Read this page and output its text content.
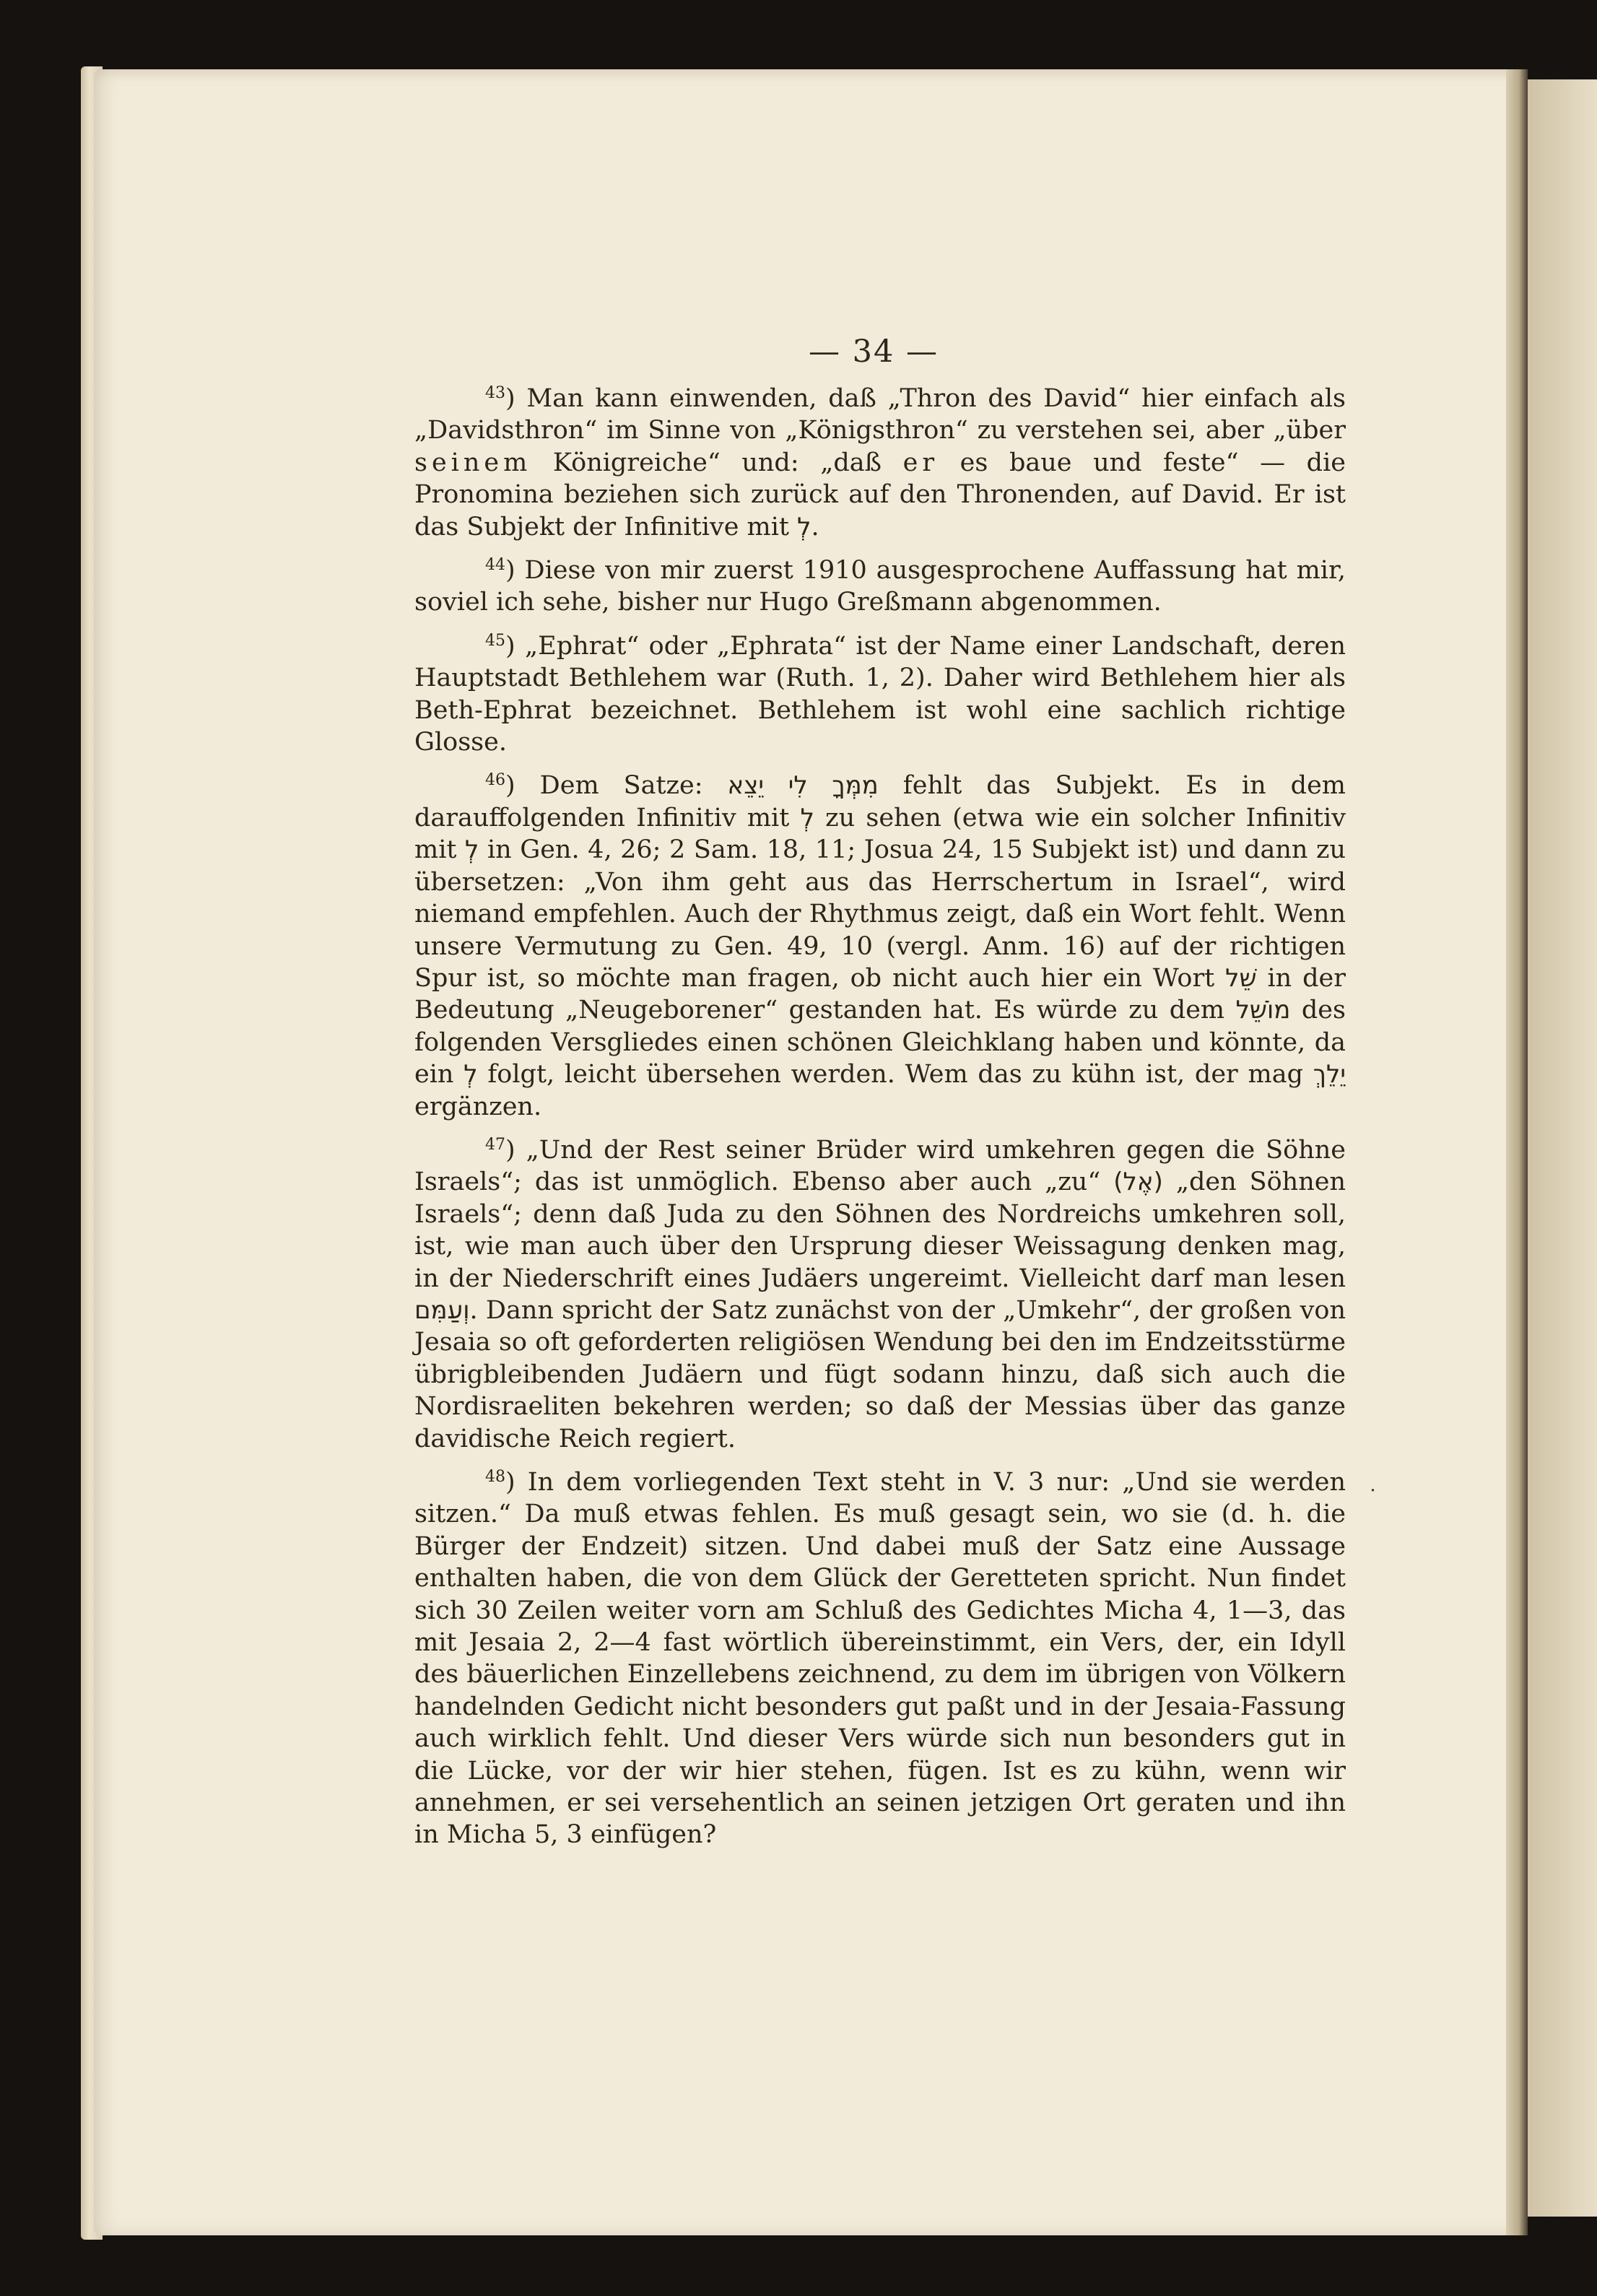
— 34 —

$^{43}$) Man kann einwenden, daß „Thron des David“ hier einfach als „Davidsthron“ im Sinne von „Königsthron“ zu verstehen sei, aber „über seinem Königreiche“ und: „daß er es baue und feste“ — die Pronomina beziehen sich zurück auf den Thronenden, auf David. Er ist das Subjekt der Infinitive mit לְ.

$^{44}$) Diese von mir zuerst 1910 ausgesprochene Auffassung hat mir, soviel ich sehe, bisher nur Hugo Greßmann abgenommen.

$^{45}$) „Ephrat“ oder „Ephrata“ ist der Name einer Landschaft, deren Hauptstadt Bethlehem war (Ruth. 1, 2). Daher wird Bethlehem hier als Beth-Ephrat bezeichnet. Bethlehem ist wohl eine sachlich richtige Glosse.

$^{46}$) Dem Satze: מִמְּךָ לִי יֵצֵא fehlt das Subjekt. Es in dem darauffolgenden Infinitiv mit לְ zu sehen (etwa wie ein solcher Infinitiv mit לְ in Gen. 4, 26; 2 Sam. 18, 11; Josua 24, 15 Subjekt ist) und dann zu übersetzen: „Von ihm geht aus das Herrschertum in Israel“, wird niemand empfehlen. Auch der Rhythmus zeigt, daß ein Wort fehlt. Wenn unsere Vermutung zu Gen. 49, 10 (vergl. Anm. 16) auf der richtigen Spur ist, so möchte man fragen, ob nicht auch hier ein Wort שֵׁל in der Bedeutung „Neugeborener“ gestanden hat. Es würde zu dem מוֹשֵׁל des folgenden Versgliedes einen schönen Gleichklang haben und könnte, da ein לְ folgt, leicht übersehen werden. Wem das zu kühn ist, der mag יֵלֵךְ ergänzen.

$^{47}$) „Und der Rest seiner Brüder wird umkehren gegen die Söhne Israels“; das ist unmöglich. Ebenso aber auch „zu“ (אֶל) „den Söhnen Israels“; denn daß Juda zu den Söhnen des Nordreichs umkehren soll, ist, wie man auch über den Ursprung dieser Weissagung denken mag, in der Niederschrift eines Judäers ungereimt. Vielleicht darf man lesen וְעַמִּם. Dann spricht der Satz zunächst von der „Umkehr“, der großen von Jesaia so oft geforderten religiösen Wendung bei den im Endzeitsstürme übrigbleibenden Judäern und fügt sodann hinzu, daß sich auch die Nordisraeliten bekehren werden; so daß der Messias über das ganze davidische Reich regiert.

$^{48}$) In dem vorliegenden Text steht in V. 3 nur: „Und sie werden sitzen.“ Da muß etwas fehlen. Es muß gesagt sein, wo sie (d. h. die Bürger der Endzeit) sitzen. Und dabei muß der Satz eine Aussage enthalten haben, die von dem Glück der Geretteten spricht. Nun findet sich 30 Zeilen weiter vorn am Schluß des Gedichtes Micha 4, 1—3, das mit Jesaia 2, 2—4 fast wörtlich übereinstimmt, ein Vers, der, ein Idyll des bäuerlichen Einzellebens zeichnend, zu dem im übrigen von Völkern handelnden Gedicht nicht besonders gut paßt und in der Jesaia-Fassung auch wirklich fehlt. Und dieser Vers würde sich nun besonders gut in die Lücke, vor der wir hier stehen, fügen. Ist es zu kühn, wenn wir annehmen, er sei versehentlich an seinen jetzigen Ort geraten und ihn in Micha 5, 3 einfügen?

˙
